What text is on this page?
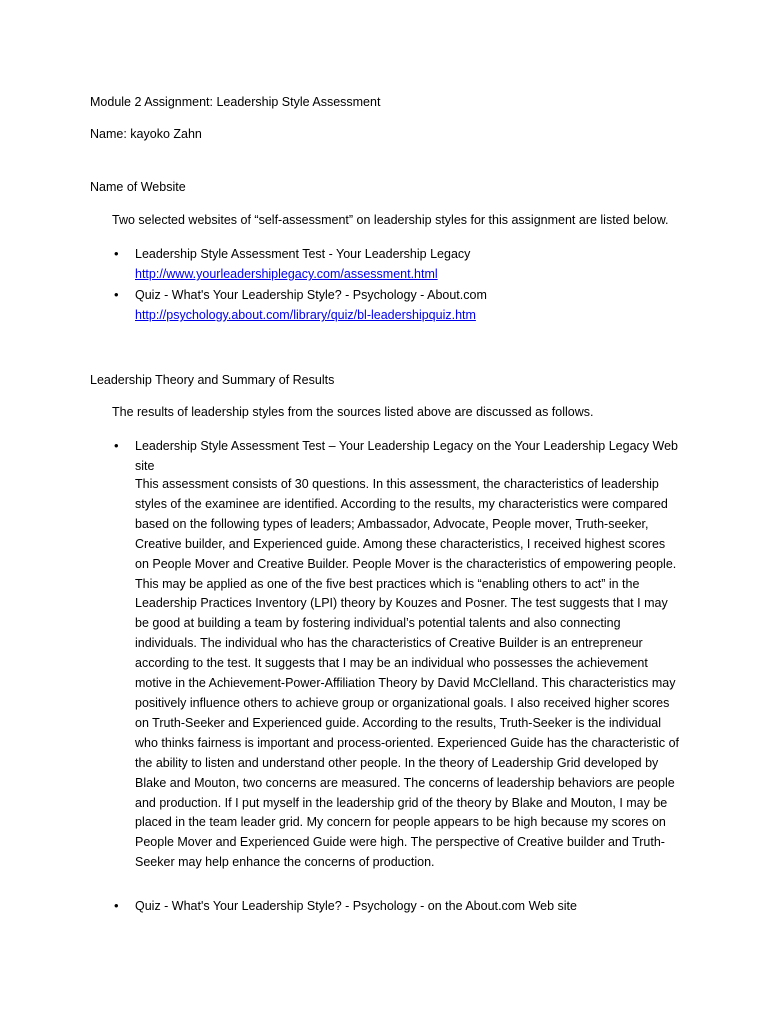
Module 2 Assignment: Leadership Style Assessment
Name: kayoko Zahn
Name of Website
Two selected websites of “self-assessment” on leadership styles for this assignment are listed below.
• Leadership Style Assessment Test - Your Leadership Legacy
http://www.yourleadershiplegacy.com/assessment.html
• Quiz - What's Your Leadership Style? - Psychology - About.com
http://psychology.about.com/library/quiz/bl-leadershipquiz.htm
Leadership Theory and Summary of Results
The results of leadership styles from the sources listed above are discussed as follows.
• Leadership Style Assessment Test – Your Leadership Legacy on the Your Leadership Legacy Web
site

This assessment consists of 30 questions. In this assessment, the characteristics of leadership styles of the examinee are identified. According to the results, my characteristics were compared based on the following types of leaders; Ambassador, Advocate, People mover, Truth-seeker, Creative builder, and Experienced guide. Among these characteristics, I received highest scores on People Mover and Creative Builder. People Mover is the characteristics of empowering people. This may be applied as one of the five best practices which is “enabling others to act” in the Leadership Practices Inventory (LPI) theory by Kouzes and Posner. The test suggests that I may be good at building a team by fostering individual’s potential talents and also connecting individuals. The individual who has the characteristics of Creative Builder is an entrepreneur according to the test. It suggests that I may be an individual who possesses the achievement motive in the Achievement-Power-Affiliation Theory by David McClelland. This characteristics may positively influence others to achieve group or organizational goals. I also received higher scores on Truth-Seeker and Experienced guide. According to the results, Truth-Seeker is the individual who thinks fairness is important and process-oriented. Experienced Guide has the characteristic of the ability to listen and understand other people. In the theory of Leadership Grid developed by Blake and Mouton, two concerns are measured. The concerns of leadership behaviors are people and production. If I put myself in the leadership grid of the theory by Blake and Mouton, I may be placed in the team leader grid. My concern for people appears to be high because my scores on People Mover and Experienced Guide were high. The perspective of Creative builder and Truth-Seeker may help enhance the concerns of production.

• Quiz - What's Your Leadership Style? - Psychology - on the About.com Web site
